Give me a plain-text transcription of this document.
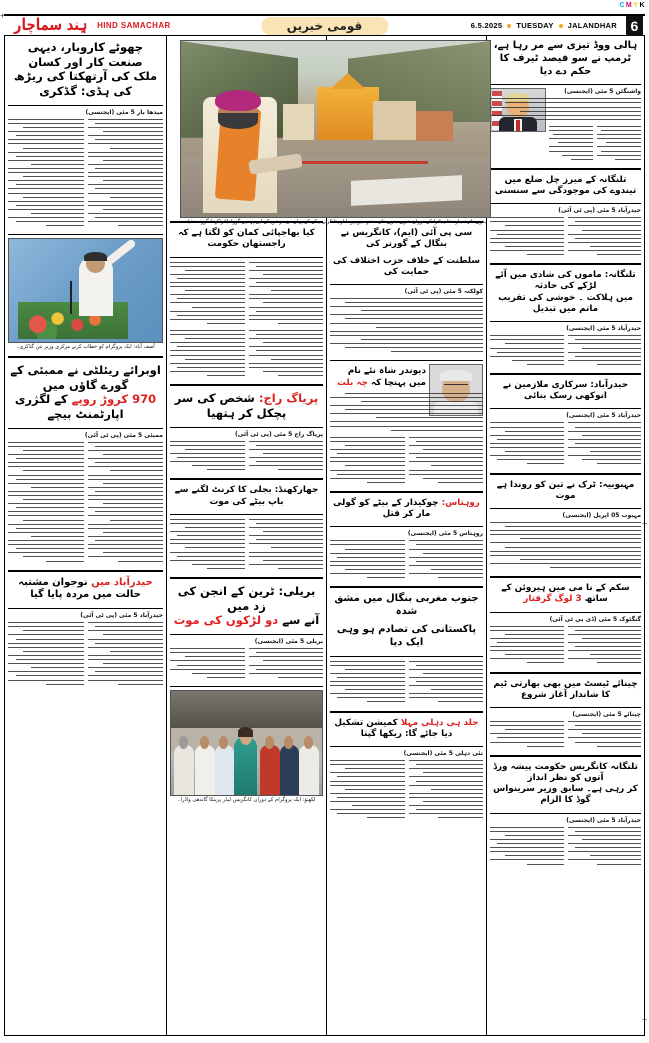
C M Y K
+
+
+
ہِند سماچار HIND SAMACHAR	قومی خبریں	6.5.2025 TUESDAY JALANDHAR 6
ہالی ووڈ تیزی سے مر رہا ہے، ٹرمپ نے سو فیصد ٹیرف کا حکم دے دیا
واشنگٹن 5 مئی (ایجنسی)
تلنگانہ کے میرز چل ضلع میں تیندوے کی موجودگی سے سنسنی
حیدرآباد 5 مئی (پی ٹی آئی)
تلنگانہ: ماموں کی شادی میں آئے لڑکے کی حادثہ
میں ہلاکت ۔ خوشی کی تقریب ماتم میں تبدیل
حیدرآباد 5 مئی (ایجنسی)
حیدرآباد: سرکاری ملازمین نے انوکھی رسک بنائی
حیدرآباد 5 مئی (ایجنسی)
مہبوبیہ: ٹرک نے تین کو روندا ہے موت
مہبوب 05 اپریل (ایجنسی)
سکم کے نا می میں ہیروئن کے ساتھ 3 لوگ گرفتار
گنگٹوک 5 مئی (ڈی پی ٹی آئی)
چینائے ٹیسٹ میں بھی بھارتی ٹیم کا شاندار آغاز شروع
چینائے 5 مئی (ایجنسی)
تلنگانہ کانگریس حکومت پیشہ ورڈ آتوں کو نظر انداز
کر رہی ہے۔ سابق وزیر سرینواس گوڈ کا الزام
حیدرآباد 5 مئی (ایجنسی)
سی پی آئی (ایم)، کانگریس نے بنگال کے گورنر کی
سلطنت کے خلاف حزب اختلاف کی حمایت کی
کولکتہ 5 مئی (پی ٹی آئی)
دیوندر شاہ نئے نام میں پہنچا کہ چہ بلت
روہتاس: چوکیدار کے بیٹے کو گولی مار کر قتل
روہتاس 5 مئی (ایجنسی)
جنوب مغربی بنگال میں مشق شدہ
پاکستانی کی تصادم ہو وہی ایک دیا
جلد ہی دہلی مہلا کمیشن تشکیل دیا جائے گا: ریکھا گپتا
نئی دہلی 5 مئی (ایجنسی)
کیا بھاجپائی کمان کو لگتا ہے کہ راجستھان حکومت
پریاگ راج: شخص کی سر پچکل کر ہتھیا
پریاگ راج 5 مئی (پی ٹی آئی)
جھارکھنڈ: بجلی کا کرنٹ لگنے سے باپ بیٹے کی موت
بریلی: ٹرین کے انجن کی زد میں
آنے سے دو لڑکوں کی موت
بریلی 5 مئی (ایجنسی)
لکھنؤ: ایک پروگرام کے دوران کانگریس لیڈر پرینکا گاندھی واڈرا۔
چھوٹے کاروبار، دیہی صنعت کار اور کسان
ملک کی آرتھکتا کی ریڑھ کی ہڈی: گڈکری
میدھا بار 5 مئی (ایجنسی)
آصف آباد: ایک پروگرام کو خطاب کرتے مرکزی وزیر نتن گڈکری۔
اوبرائے ریئلٹی نے ممبئی کے گورے گاؤں میں
970 کروڑ روپے کے لگژری اپارٹمنٹ بیچے
ممبئی 5 مئی (پی ٹی آئی)
حیدرآباد میں نوجوان مشتبہ حالت میں مردہ پایا گیا
حیدرآباد 5 مئی (پی ٹی آئی)
بدری ناتھ: چار دھام یاترا کے دوران شری بدری ناتھ مندر میں پوجا ارچنا کرتے چکے کے پہلے دن درشن کے لیے پہنچے گورڈ (اتراکھنڈ گورنمنٹ)۔
